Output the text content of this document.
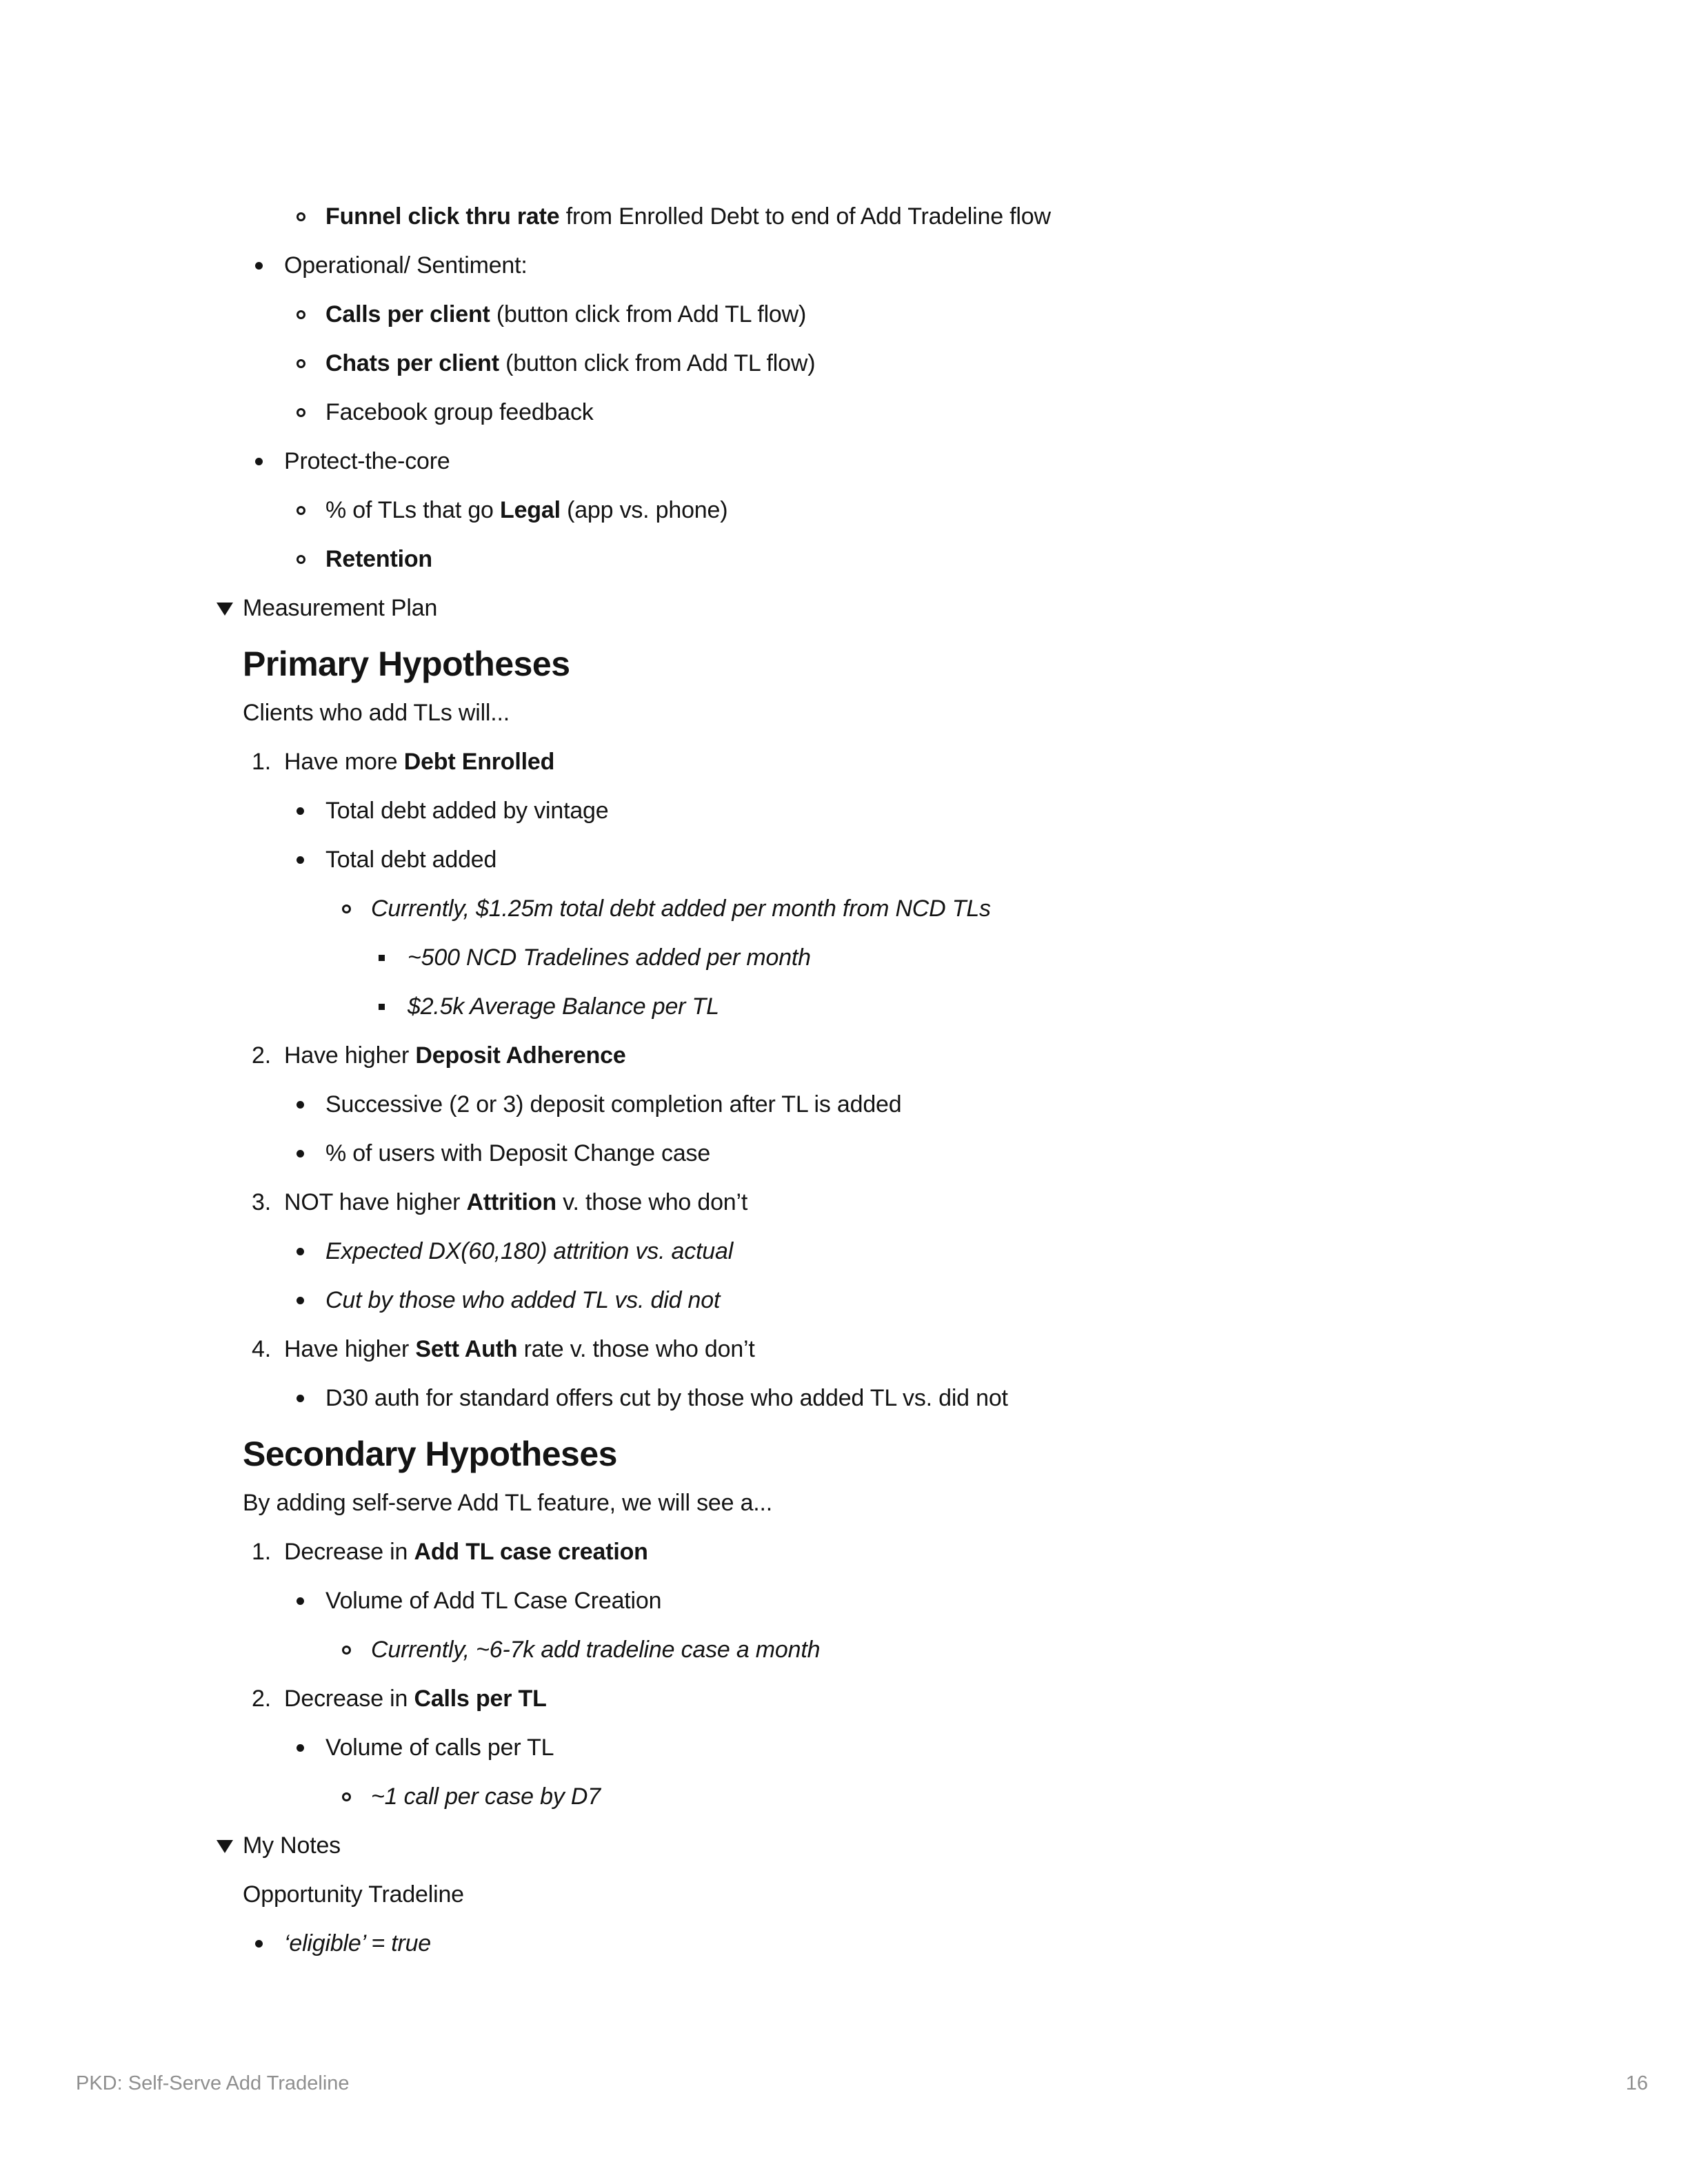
Funnel click thru rate from Enrolled Debt to end of Add Tradeline flow
Operational/ Sentiment:
Calls per client (button click from Add TL flow)
Chats per client (button click from Add TL flow)
Facebook group feedback
Protect-the-core
% of TLs that go Legal (app vs. phone)
Retention
Measurement Plan
Primary Hypotheses
Clients who add TLs will...
1. Have more Debt Enrolled
Total debt added by vintage
Total debt added
Currently, $1.25m total debt added per month from NCD TLs
~500 NCD Tradelines added per month
$2.5k Average Balance per TL
2. Have higher Deposit Adherence
Successive (2 or 3) deposit completion after TL is added
% of users with Deposit Change case
3. NOT have higher Attrition v. those who don’t
Expected DX(60,180) attrition vs. actual
Cut by those who added TL vs. did not
4. Have higher Sett Auth rate v. those who don’t
D30 auth for standard offers cut by those who added TL vs. did not
Secondary Hypotheses
By adding self-serve Add TL feature, we will see a...
1. Decrease in Add TL case creation
Volume of Add TL Case Creation
Currently, ~6-7k add tradeline case a month
2. Decrease in Calls per TL
Volume of calls per TL
~1 call per case by D7
My Notes
Opportunity Tradeline
‘eligible’ = true
PKD: Self-Serve Add Tradeline	16
